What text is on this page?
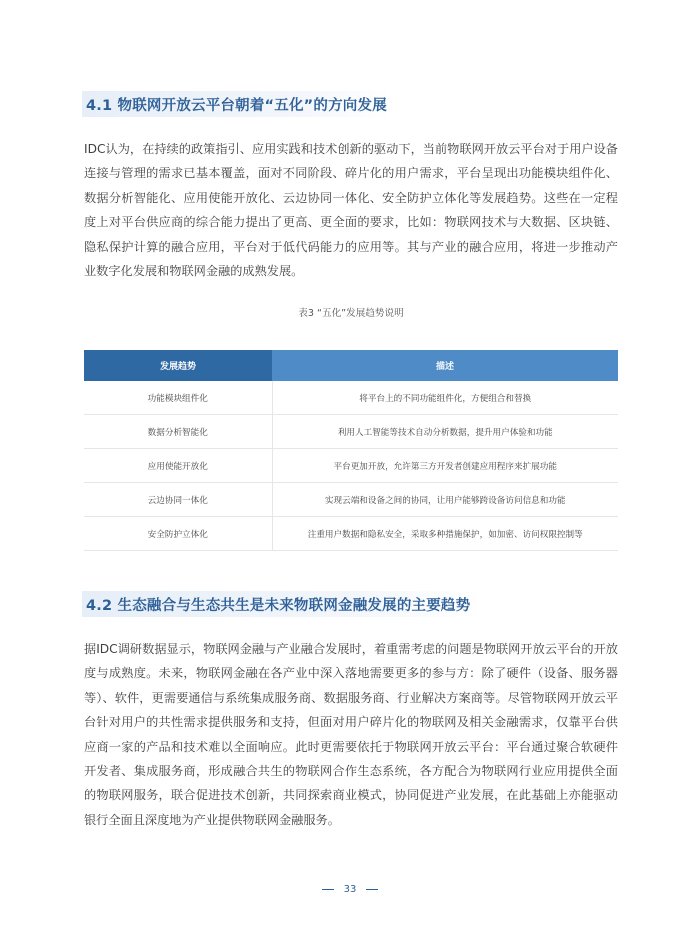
4.1 物联网开放云平台朝着“五化”的方向发展

IDC认为，在持续的政策指引、应用实践和技术创新的驱动下，当前物联网开放云平台对于用户设备连接与管理的需求已基本覆盖，面对不同阶段、碎片化的用户需求，平台呈现出功能模块组件化、数据分析智能化、应用使能开放化、云边协同一体化、安全防护立体化等发展趋势。这些在一定程度上对平台供应商的综合能力提出了更高、更全面的要求，比如：物联网技术与大数据、区块链、隐私保护计算的融合应用，平台对于低代码能力的应用等。其与产业的融合应用，将进一步推动产业数字化发展和物联网金融的成熟发展。

表3 “五化”发展趋势说明
发展趋势	描述
功能模块组件化	将平台上的不同功能组件化，方便组合和替换
数据分析智能化	利用人工智能等技术自动分析数据，提升用户体验和功能
应用使能开放化	平台更加开放，允许第三方开发者创建应用程序来扩展功能
云边协同一体化	实现云端和设备之间的协同，让用户能够跨设备访问信息和功能
安全防护立体化	注重用户数据和隐私安全，采取多种措施保护，如加密、访问权限控制等
4.2 生态融合与生态共生是未来物联网金融发展的主要趋势

据IDC调研数据显示，物联网金融与产业融合发展时，着重需考虑的问题是物联网开放云平台的开放度与成熟度。未来，物联网金融在各产业中深入落地需要更多的参与方：除了硬件（设备、服务器等）、软件，更需要通信与系统集成服务商、数据服务商、行业解决方案商等。尽管物联网开放云平台针对用户的共性需求提供服务和支持，但面对用户碎片化的物联网及相关金融需求，仅靠平台供应商一家的产品和技术难以全面响应。此时更需要依托于物联网开放云平台：平台通过聚合软硬件开发者、集成服务商，形成融合共生的物联网合作生态系统，各方配合为物联网行业应用提供全面的物联网服务，联合促进技术创新，共同探索商业模式，协同促进产业发展，在此基础上亦能驱动银行全面且深度地为产业提供物联网金融服务。

33
